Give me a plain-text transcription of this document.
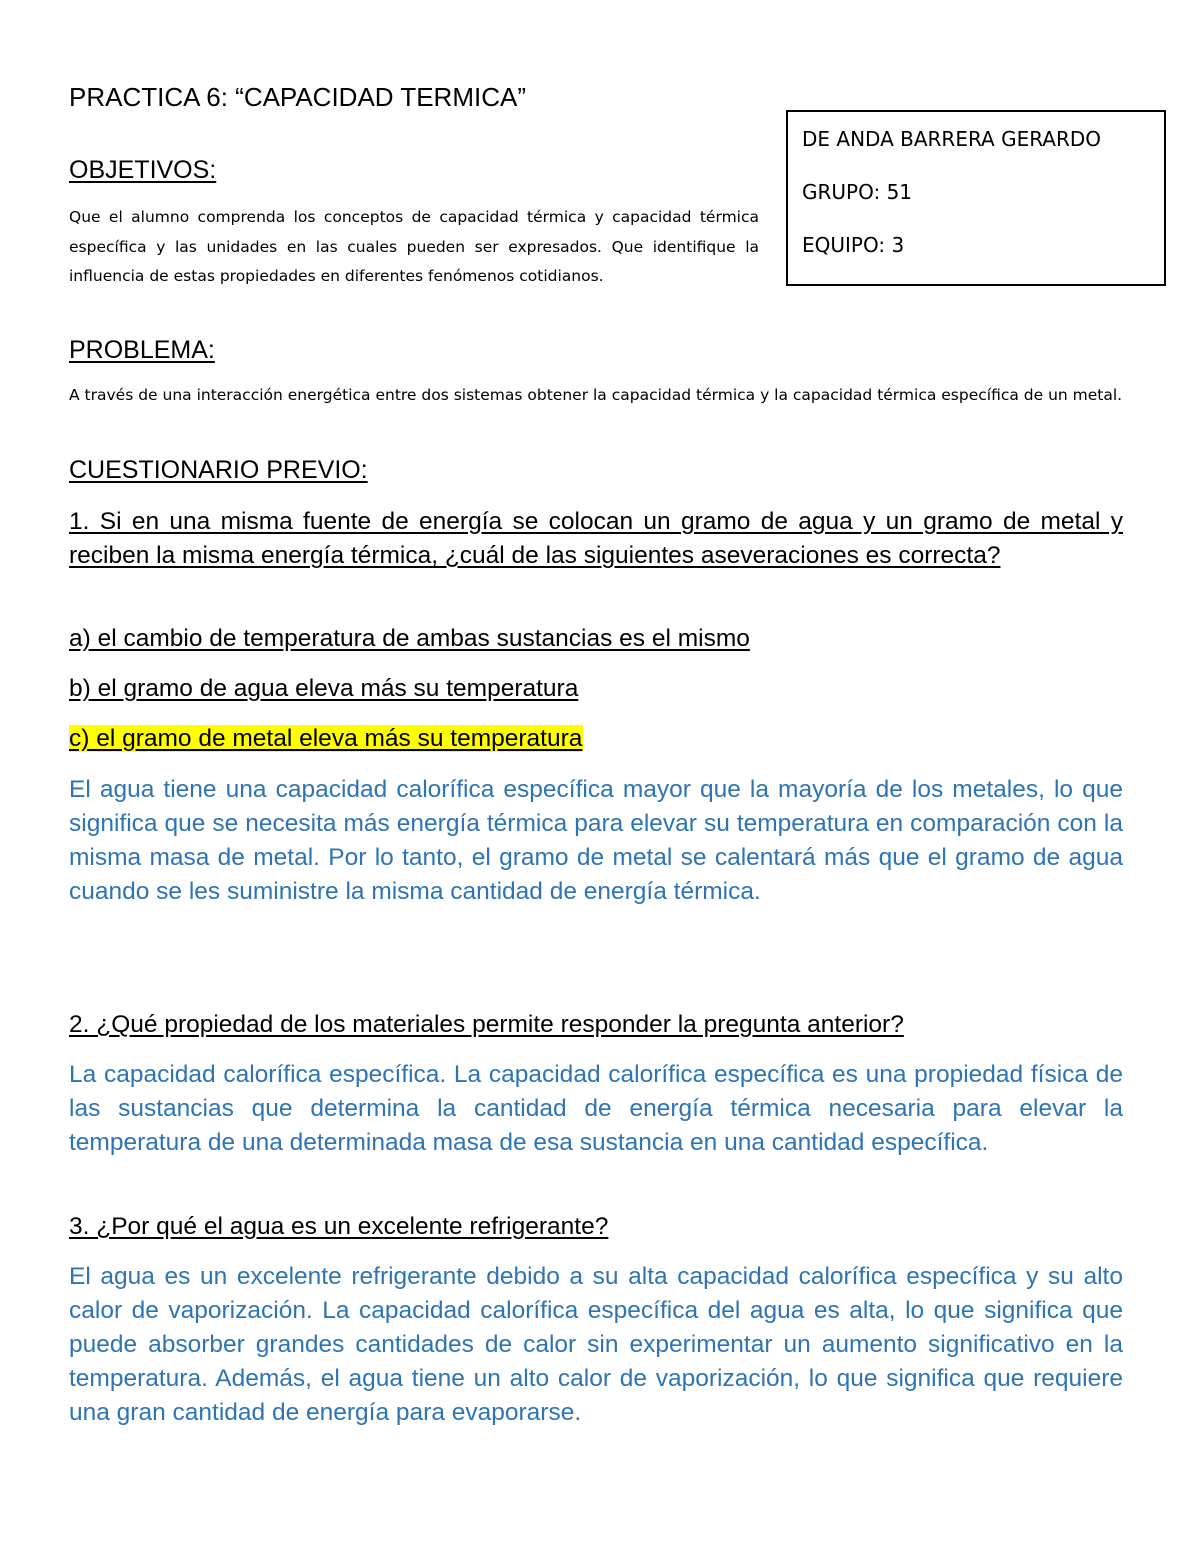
PRACTICA 6: “CAPACIDAD TERMICA”
DE ANDA BARRERA GERARDO
GRUPO: 51
EQUIPO: 3
OBJETIVOS:
Que el alumno comprenda los conceptos de capacidad térmica y capacidad térmica específica y las unidades en las cuales pueden ser expresados. Que identifique la influencia de estas propiedades en diferentes fenómenos cotidianos.
PROBLEMA:
A través de una interacción energética entre dos sistemas obtener la capacidad térmica y la capacidad térmica específica de un metal.
CUESTIONARIO PREVIO:
1. Si en una misma fuente de energía se colocan un gramo de agua y un gramo de metal y reciben la misma energía térmica, ¿cuál de las siguientes aseveraciones es correcta?
a) el cambio de temperatura de ambas sustancias es el mismo
b) el gramo de agua eleva más su temperatura
c) el gramo de metal eleva más su temperatura
El agua tiene una capacidad calorífica específica mayor que la mayoría de los metales, lo que significa que se necesita más energía térmica para elevar su temperatura en comparación con la misma masa de metal. Por lo tanto, el gramo de metal se calentará más que el gramo de agua cuando se les suministre la misma cantidad de energía térmica.
2. ¿Qué propiedad de los materiales permite responder la pregunta anterior?
La capacidad calorífica específica. La capacidad calorífica específica es una propiedad física de las sustancias que determina la cantidad de energía térmica necesaria para elevar la temperatura de una determinada masa de esa sustancia en una cantidad específica.
3. ¿Por qué el agua es un excelente refrigerante?
El agua es un excelente refrigerante debido a su alta capacidad calorífica específica y su alto calor de vaporización. La capacidad calorífica específica del agua es alta, lo que significa que puede absorber grandes cantidades de calor sin experimentar un aumento significativo en la temperatura. Además, el agua tiene un alto calor de vaporización, lo que significa que requiere una gran cantidad de energía para evaporarse.
